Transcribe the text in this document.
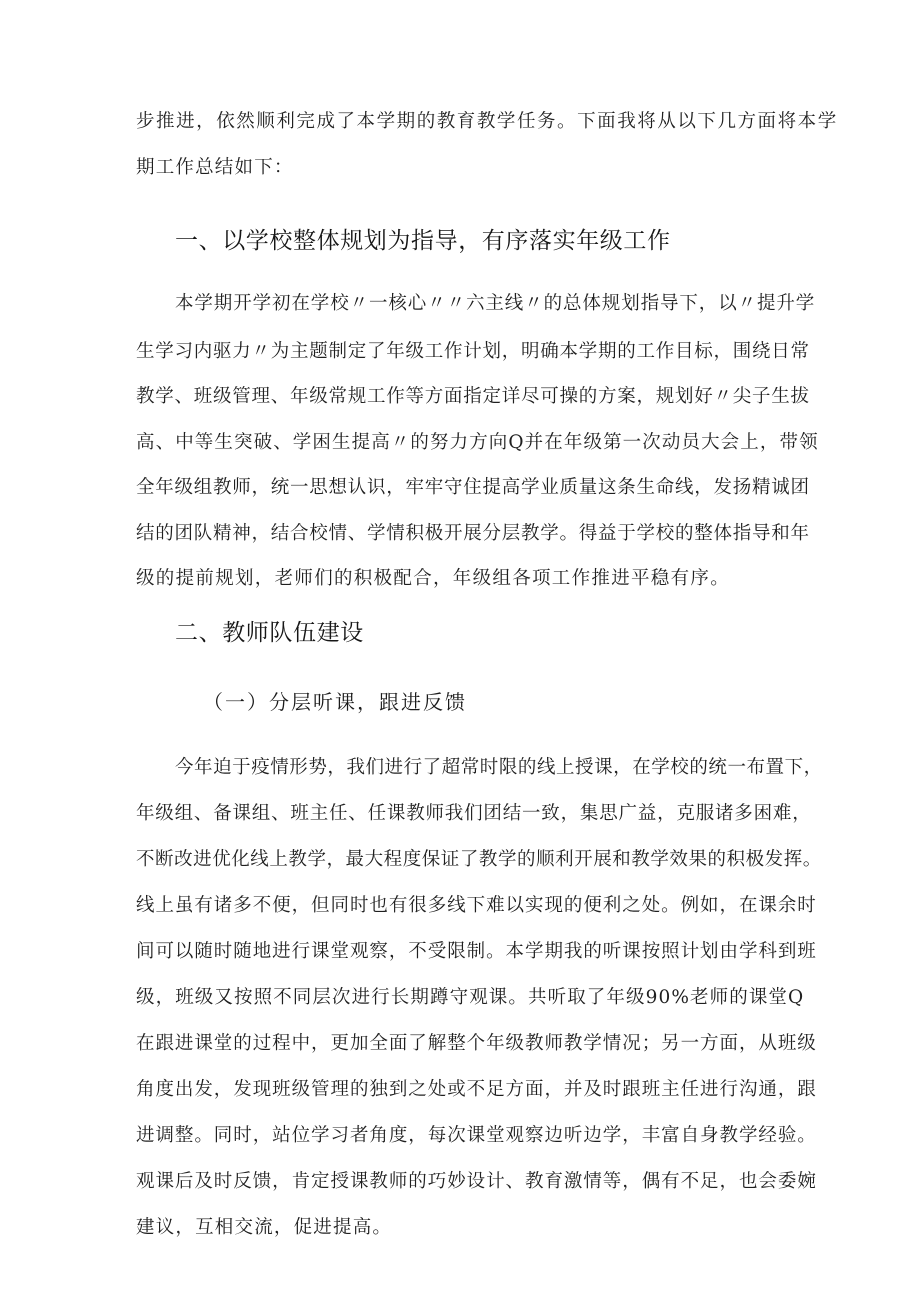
步推进，依然顺利完成了本学期的教育教学任务。下面我将从以下几方面将本学
期工作总结如下：
一、以学校整体规划为指导，有序落实年级工作
本学期开学初在学校〃一核心〃〃六主线〃的总体规划指导下，以〃提升学
生学习内驱力〃为主题制定了年级工作计划，明确本学期的工作目标，围绕日常
教学、班级管理、年级常规工作等方面指定详尽可操的方案，规划好〃尖子生拔
高、中等生突破、学困生提高〃的努力方向Q并在年级第一次动员大会上，带领
全年级组教师，统一思想认识，牢牢守住提高学业质量这条生命线，发扬精诚团
结的团队精神，结合校情、学情积极开展分层教学。得益于学校的整体指导和年
级的提前规划，老师们的积极配合，年级组各项工作推进平稳有序。
二、教师队伍建设
（一）分层听课，跟进反馈
今年迫于疫情形势，我们进行了超常时限的线上授课，在学校的统一布置下，
年级组、备课组、班主任、任课教师我们团结一致，集思广益，克服诸多困难，
不断改进优化线上教学，最大程度保证了教学的顺利开展和教学效果的积极发挥。
线上虽有诸多不便，但同时也有很多线下难以实现的便利之处。例如，在课余时
间可以随时随地进行课堂观察，不受限制。本学期我的听课按照计划由学科到班
级，班级又按照不同层次进行长期蹲守观课。共听取了年级90%老师的课堂Q
在跟进课堂的过程中，更加全面了解整个年级教师教学情况；另一方面，从班级
角度出发，发现班级管理的独到之处或不足方面，并及时跟班主任进行沟通，跟
进调整。同时，站位学习者角度，每次课堂观察边听边学，丰富自身教学经验。
观课后及时反馈，肯定授课教师的巧妙设计、教育激情等，偶有不足，也会委婉
建议，互相交流，促进提高。
